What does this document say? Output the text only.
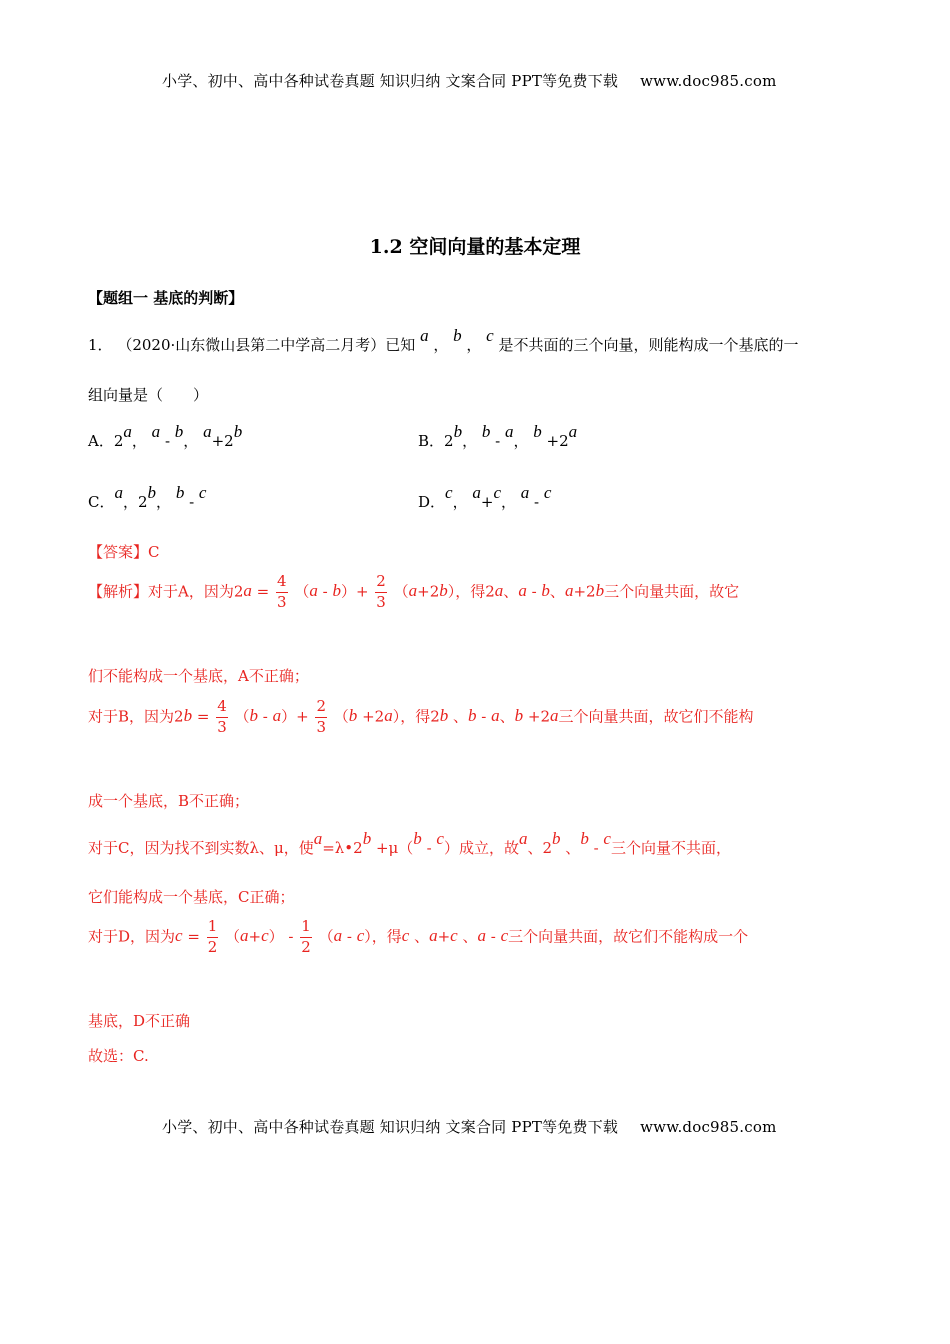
小学、初中、高中各种试卷真题 知识归纳 文案合同 PPT等免费下载 www.doc985.com
1.2 空间向量的基本定理
【题组一 基底的判断】
1． （2020·山东微山县第二中学高二月考）已知 a ， b ， c 是不共面的三个向量，则能构成一个基底的一
组向量是（　　）
A．2a， a - b， a+2b	B．2b， b - a， b +2a
C．a，2b， b - c	D．c， a+c， a - c
【答案】C
【解析】对于A，因为$2a = \frac{4}{3} (a - b)+ \frac{2}{3} (a+2b)$，得2a、a - b、a+2b三个向量共面，故它
们不能构成一个基底，A不正确；
对于B，因为$2b = \frac{4}{3} (b - a)+ \frac{2}{3} (b +2a)$，得2b 、b - a、b +2a三个向量共面，故它们不能构
成一个基底，B不正确；
对于C，因为找不到实数λ、μ，使a=λ•2b +μ（b - c）成立，故a、2b 、b - c三个向量不共面，
它们能构成一个基底，C正确；
对于D，因为$c = \frac{1}{2} (a+c) - \frac{1}{2} (a - c)$，得c 、a+c 、a - c三个向量共面，故它们不能构成一个
基底，D不正确
故选：C.
小学、初中、高中各种试卷真题 知识归纳 文案合同 PPT等免费下载 www.doc985.com
